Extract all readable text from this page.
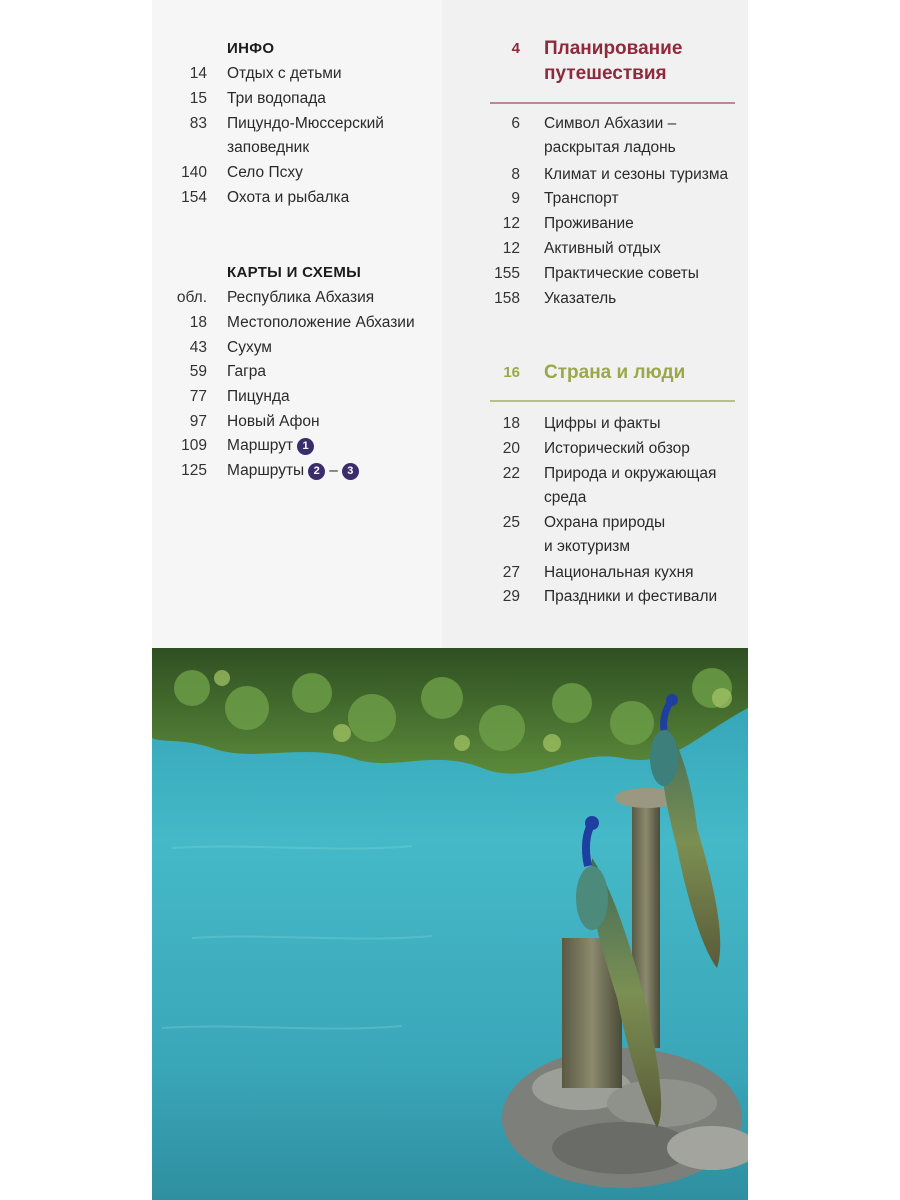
ИНФО
14 Отдых с детьми
15 Три водопада
83 Пицундо-Мюссерский
заповедник
140 Село Псху
154 Охота и рыбалка
КАРТЫ И СХЕМЫ
обл. Республика Абхазия
18 Местоположение Абхазии
43 Сухум
59 Гагра
77 Пицунда
97 Новый Афон
109 Маршрут 1
125 Маршруты 2 – 3
4 Планирование
путешествия
6 Символ Абхазии –
раскрытая ладонь
8 Климат и сезоны туризма
9 Транспорт
12 Проживание
12 Активный отдых
155 Практические советы
158 Указатель
16 Страна и люди
18 Цифры и факты
20 Исторический обзор
22 Природа и окружающая
среда
25 Охрана природы
и экотуризм
27 Национальная кухня
29 Праздники и фестивали
